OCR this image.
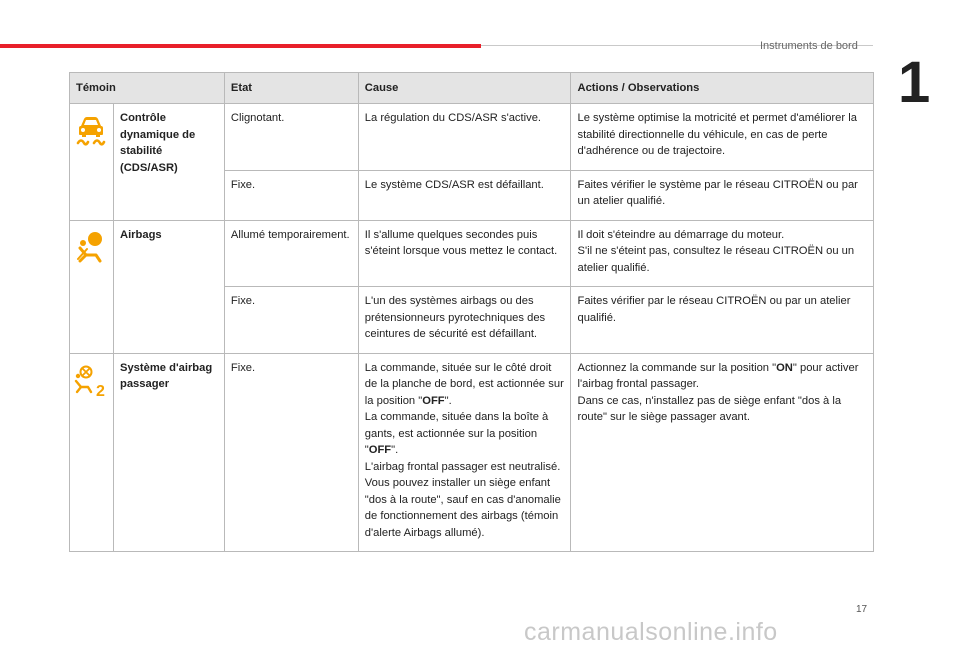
Instruments de bord
1
Témoin		Etat	Cause	Actions / Observations

	Contrôle dynamique de stabilité (CDS/ASR)	Clignotant.	La régulation du CDS/ASR s'active.	Le système optimise la motricité et permet d'améliorer la stabilité directionnelle du véhicule, en cas de perte d'adhérence ou de trajectoire.
		Fixe.	Le système CDS/ASR est défaillant.	Faites vérifier le système par le réseau CITROËN ou par un atelier qualifié.

	Airbags	Allumé temporairement.	Il s'allume quelques secondes puis s'éteint lorsque vous mettez le contact.	Il doit s'éteindre au démarrage du moteur.
S'il ne s'éteint pas, consultez le réseau CITROËN ou un atelier qualifié.
		Fixe.	L'un des systèmes airbags ou des prétensionneurs pyrotechniques des ceintures de sécurité est défaillant.	Faites vérifier par le réseau CITROËN ou par un atelier qualifié.

2	Système d'airbag passager	Fixe.	La commande, située sur le côté droit de la planche de bord, est actionnée sur la position "OFF".
La commande, située dans la boîte à gants, est actionnée sur la position "OFF".
L'airbag frontal passager est neutralisé.
Vous pouvez installer un siège enfant "dos à la route", sauf en cas d'anomalie de fonctionnement des airbags (témoin d'alerte Airbags allumé).	Actionnez la commande sur la position "ON" pour activer l'airbag frontal passager.
Dans ce cas, n'installez pas de siège enfant "dos à la route" sur le siège passager avant.
17
carmanualsonline.info
